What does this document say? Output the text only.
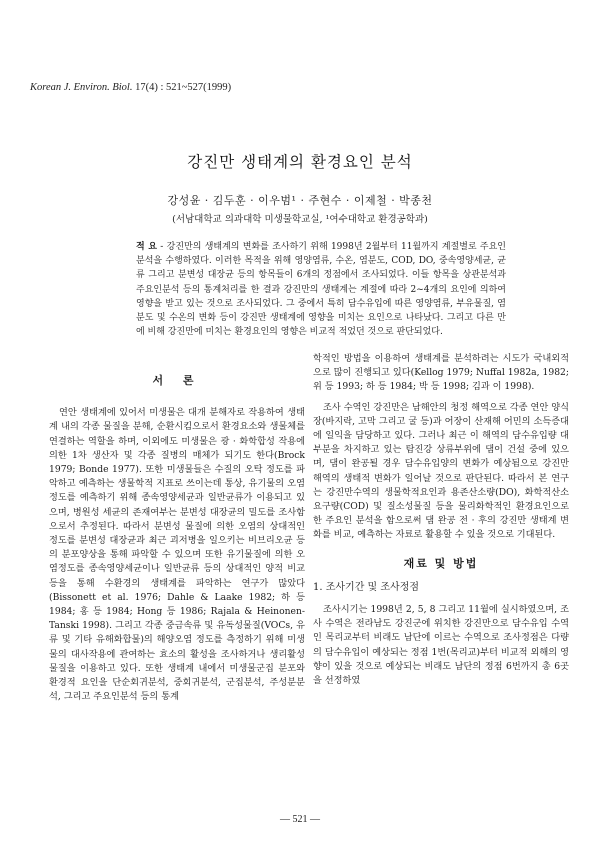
Korean J. Environ. Biol. 17(4) : 521~527(1999)
강진만 생태계의 환경요인 분석
강성윤 · 김두훈 · 이우범¹ · 주현수 · 이제철 · 박종천
(서남대학교 의과대학 미생물학교실, ¹여수대학교 환경공학과)
적 요 - 강진만의 생태계의 변화를 조사하기 위해 1998년 2월부터 11월까지 계절별로 주요인 분석을 수행하였다. 이러한 목적을 위해 영양염류, 수온, 염분도, COD, DO, 중속영양세균, 균류 그리고 분변성 대장균 등의 항목들이 6개의 정점에서 조사되었다. 이들 항목을 상관분석과 주요인분석 등의 통계처리를 한 결과 강진만의 생태계는 계절에 따라 2~4개의 요인에 의하여 영향을 받고 있는 것으로 조사되었다. 그 중에서 특히 담수유입에 따른 영양염류, 부유물질, 염분도 및 수온의 변화 등이 강진만 생태계에 영향을 미치는 요인으로 나타났다. 그리고 다른 만에 비해 강진만에 미치는 환경요인의 영향은 비교적 적었던 것으로 판단되었다.
서 론

연안 생태계에 있어서 미생물은 대개 분해자로 작용하여 생태계 내의 각종 물질을 분해, 순환시킴으로서 환경요소와 생물체를 연결하는 역할을 하며, 이외에도 미생물은 광 · 화학합성 작용에 의한 1차 생산자 및 각종 질병의 매체가 되기도 한다(Brock 1979; Bonde 1977). 또한 미생물들은 수질의 오탁 정도를 파악하고 예측하는 생물학적 지표로 쓰이는데 통상, 유기물의 오염 정도를 예측하기 위해 종속영양세균과 일반균류가 이용되고 있으며, 병원성 세균의 존재여부는 분변성 대장균의 밀도를 조사함으로서 추정된다. 따라서 분변성 물질에 의한 오염의 상대적인 정도를 분변성 대장균과 최근 괴저병을 일으키는 비브리오균 등의 분포양상을 통해 파악할 수 있으며 또한 유기물질에 의한 오염정도를 종속영양세균이나 일반균류 등의 상대적인 양적 비교 등을 통해 수환경의 생태계를 파악하는 연구가 많았다(Bissonett et al. 1976; Dahle & Laake 1982; 하 등 1984; 홍 등 1984; Hong 등 1986; Rajala & Heinonen-Tanski 1998). 그리고 각종 중금속류 및 유독성물질(VOCs, 유류 및 기타 유해화합물)의 해양오염 정도를 측정하기 위해 미생물의 대사작용에 관여하는 효소의 활성을 조사하거나 생리활성물질을 이용하고 있다. 또한 생태계 내에서 미생물군집 분포와 환경적 요인을 단순회귀분석, 중회귀분석, 군집분석, 주성분분석, 그리고 주요인분석 등의 통계

학적인 방법을 이용하여 생태계를 분석하려는 시도가 국내외적으로 많이 진행되고 있다(Kellog 1979; Nuffal 1982a, 1982; 위 등 1993; 하 등 1984; 박 등 1998; 김과 이 1998).

조사 수역인 강진만은 남해안의 청정 해역으로 각종 연안 양식장(바지락, 고막 그리고 굴 등)과 어장이 산재해 어민의 소득증대에 일익을 담당하고 있다. 그러나 최근 이 해역의 담수유입량 대부분을 차지하고 있는 탐진강 상류부위에 댐이 건설 중에 있으며, 댐이 완공될 경우 담수유입양의 변화가 예상됨으로 강진만 해역의 생태적 변화가 일어날 것으로 판단된다. 따라서 본 연구는 강진만수역의 생물학적요인과 용존산소량(DO), 화학적산소요구량(COD) 및 질소성물질 등을 물리화학적인 환경요인으로 한 주요인 분석을 함으로써 댐 완공 전 · 후의 강진만 생태계 변화를 비교, 예측하는 자료로 활용할 수 있을 것으로 기대된다.

재료 및 방법
1. 조사기간 및 조사정점

조사시기는 1998년 2, 5, 8 그리고 11월에 실시하였으며, 조사 수역은 전라남도 강진군에 위치한 강진만으로 담수유입 수역인 목리교부터 비래도 남단에 이르는 수역으로 조사정점은 다량의 담수유입이 예상되는 정점 1번(목리교)부터 비교적 외해의 영향이 있을 것으로 예상되는 비래도 남단의 정점 6번까지 총 6곳을 선정하였

— 521 —
